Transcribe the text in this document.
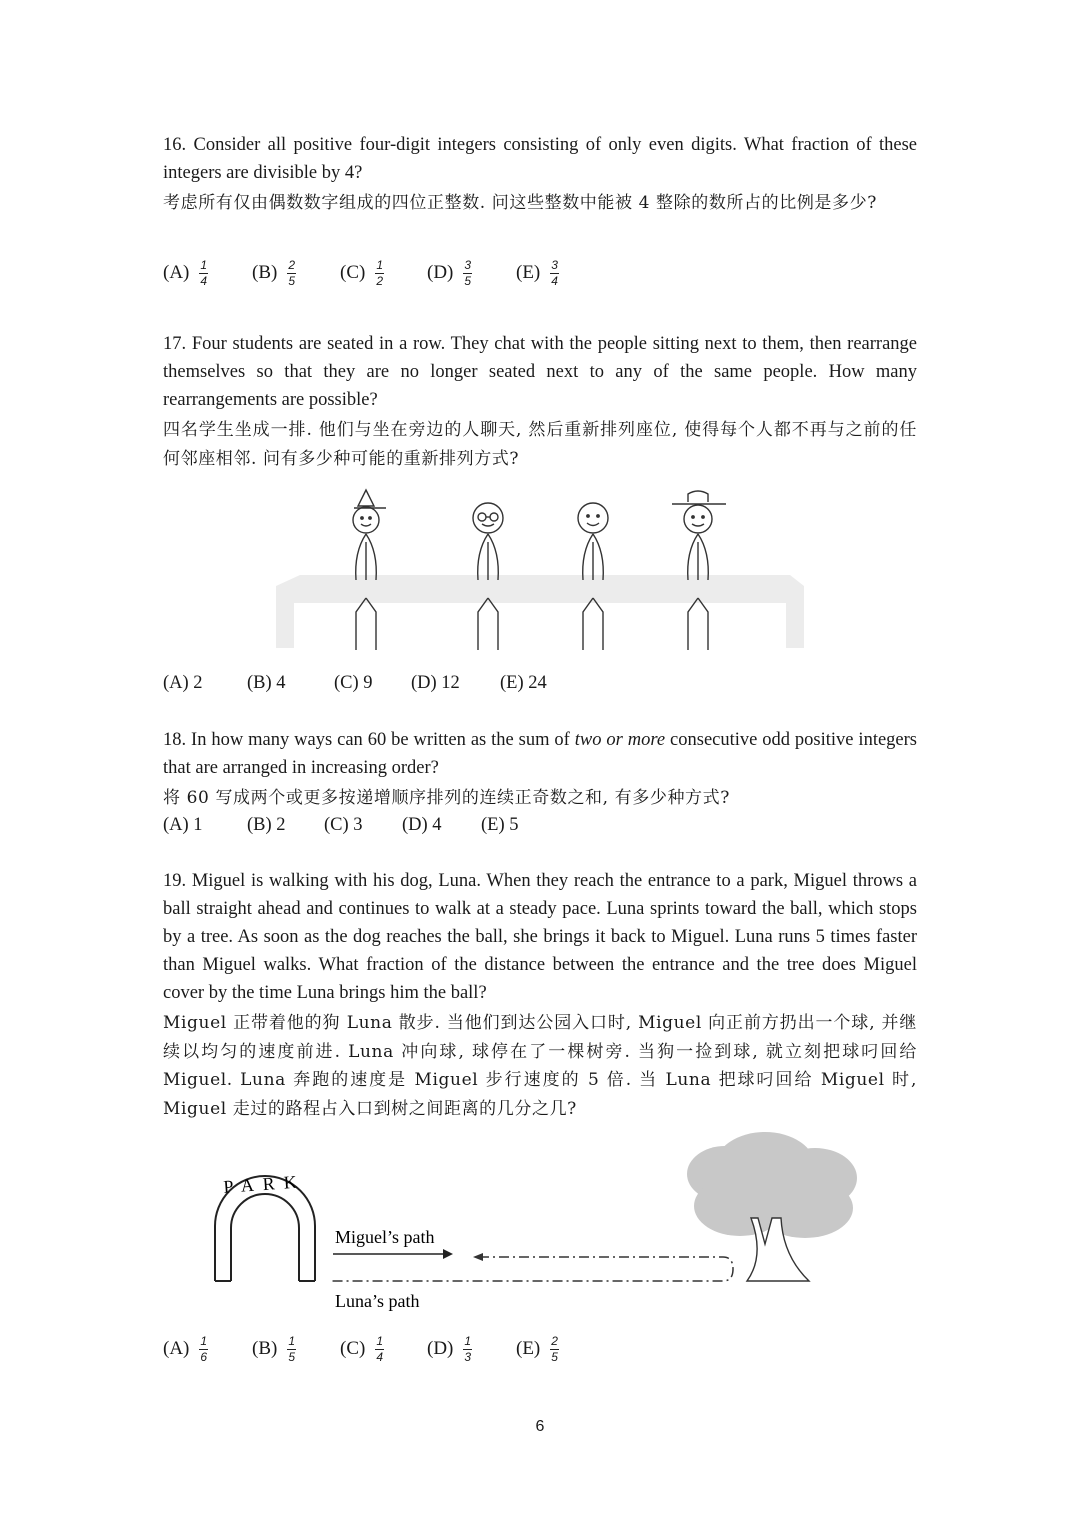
16. Consider all positive four-digit integers consisting of only even digits. What fraction of these integers are divisible by 4?

考虑所有仅由偶数数字组成的四位正整数. 问这些整数中能被 4 整除的数所占的比例是多少?

$(A) \frac{1}{4} (B) \frac{2}{5} (C) \frac{1}{2} (D) \frac{3}{5} (E) \frac{3}{4}$

17. Four students are seated in a row. They chat with the people sitting next to them, then rearrange themselves so that they are no longer seated next to any of the same people. How many rearrangements are possible?

四名学生坐成一排. 他们与坐在旁边的人聊天, 然后重新排列座位, 使得每个人都不再与之前的任何邻座相邻. 问有多少种可能的重新排列方式?

(A) 2 (B) 4	(C) 9 (D) 12 (E) 24

18. In how many ways can 60 be written as the sum of two or more consecutive odd positive integers that are arranged in increasing order?

将 60 写成两个或更多按递增顺序排列的连续正奇数之和, 有多少种方式?

(A) 1 (B) 2 (C) 3 (D) 4 (E) 5

19. Miguel is walking with his dog, Luna. When they reach the entrance to a park, Miguel throws a ball straight ahead and continues to walk at a steady pace. Luna sprints toward the ball, which stops by a tree. As soon as the dog reaches the ball, she brings it back to Miguel. Luna runs 5 times faster than Miguel walks. What fraction of the distance between the entrance and the tree does Miguel cover by the time Luna brings him the ball?

Miguel 正带着他的狗 Luna 散步. 当他们到达公园入口时, Miguel 向正前方扔出一个球, 并继续以均匀的速度前进. Luna 冲向球, 球停在了一棵树旁. 当狗一捡到球, 就立刻把球叼回给 Miguel. Luna 奔跑的速度是 Miguel 步行速度的 5 倍. 当 Luna 把球叼回给 Miguel 时, Miguel 走过的路程占入口到树之间距离的几分之几?

PARK
Miguel’s path
Luna’s path
$(A) \frac{1}{6} (B) \frac{1}{5} (C) \frac{1}{4} (D) \frac{1}{3} (E) \frac{2}{5}$
6
